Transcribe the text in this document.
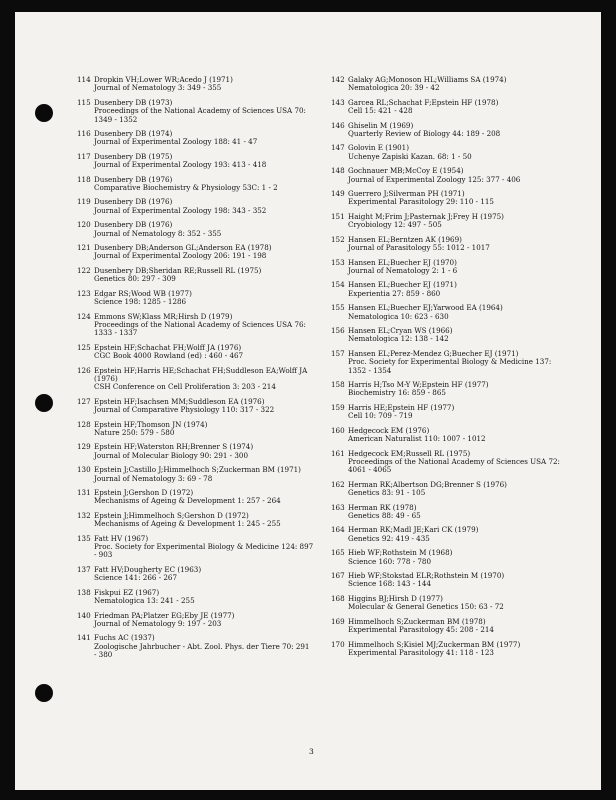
114 Dropkin VH;Lower WR;Acedo J (1971)
Journal of Nematology 3: 349 - 355
115 Dusenbery DB (1973)
Proceedings of the National Academy of Sciences USA 70:
1349 - 1352
116 Dusenbery DB (1974)
Journal of Experimental Zoology 188: 41 - 47
117 Dusenbery DB (1975)
Journal of Experimental Zoology 193: 413 - 418
118 Dusenbery DB (1976)
Comparative Biochemistry & Physiology 53C: 1 - 2
119 Dusenbery DB (1976)
Journal of Experimental Zoology 198: 343 - 352
120 Dusenbery DB (1976)
Journal of Nematology 8: 352 - 355
121 Dusenbery DB;Anderson GL;Anderson EA (1978)
Journal of Experimental Zoology 206: 191 - 198
122 Dusenbery DB;Sheridan RE;Russell RL (1975)
Genetics 80: 297 - 309
123 Edgar RS;Wood WB (1977)
Science 198: 1285 - 1286
124 Emmons SW;Klass MR;Hirsh D (1979)
Proceedings of the National Academy of Sciences USA 76:
1333 - 1337
125 Epstein HF;Schachat FH;Wolff JA (1976)
CGC Book 4000 Rowland (ed) : 460 - 467
126 Epstein HF;Harris HE;Schachat FH;Suddleson EA;Wolff JA
(1976)
CSH Conference on Cell Proliferation 3: 203 - 214
127 Epstein HF;Isachsen MM;Suddleson EA (1976)
Journal of Comparative Physiology 110: 317 - 322
128 Epstein HF;Thomson JN (1974)
Nature 250: 579 - 580
129 Epstein HF;Waterston RH;Brenner S (1974)
Journal of Molecular Biology 90: 291 - 300
130 Epstein J;Castillo J;Himmelhoch S;Zuckerman BM (1971)
Journal of Nematology 3: 69 - 78
131 Epstein J;Gershon D (1972)
Mechanisms of Ageing & Development 1: 257 - 264
132 Epstein J;Himmelhoch S;Gershon D (1972)
Mechanisms of Ageing & Development 1: 245 - 255
135 Fatt HV (1967)
Proc. Society for Experimental Biology & Medicine 124: 897
- 903
137 Fatt HV;Dougherty EC (1963)
Science 141: 266 - 267
138 Fiskpui EZ (1967)
Nematologica 13: 241 - 255
140 Friedman PA;Platzer EG;Eby JE (1977)
Journal of Nematology 9: 197 - 203
141 Fuchs AC (1937)
Zoologische Jahrbucher - Abt. Zool. Phys. der Tiere 70: 291
- 380
142 Galaky AG;Monoson HL;Williams SA (1974)
Nematologica 20: 39 - 42
143 Garcea RL;Schachat F;Epstein HF (1978)
Cell 15: 421 - 428
146 Ghiselin M (1969)
Quarterly Review of Biology 44: 189 - 208
147 Golovin E (1901)
Uchenye Zapiski Kazan. 68: 1 - 50
148 Gochnauer MB;McCoy E (1954)
Journal of Experimental Zoology 125: 377 - 406
149 Guerrero J;Silverman PH (1971)
Experimental Parasitology 29: 110 - 115
151 Haight M;Frim J;Pasternak J;Frey H (1975)
Cryobiology 12: 497 - 505
152 Hansen EL;Berntzen AK (1969)
Journal of Parasitology 55: 1012 - 1017
153 Hansen EL;Buecher EJ (1970)
Journal of Nematology 2: 1 - 6
154 Hansen EL;Buecher EJ (1971)
Experientia 27: 859 - 860
155 Hansen EL;Buecher EJ;Yarwood EA (1964)
Nematologica 10: 623 - 630
156 Hansen EL;Cryan WS (1966)
Nematologica 12: 138 - 142
157 Hansen EL;Perez-Mendez G;Buecher EJ (1971)
Proc. Society for Experimental Biology & Medicine 137:
1352 - 1354
158 Harris H;Tso M-Y W;Epstein HF (1977)
Biochemistry 16: 859 - 865
159 Harris HE;Epstein HF (1977)
Cell 10: 709 - 719
160 Hedgecock EM (1976)
American Naturalist 110: 1007 - 1012
161 Hedgecock EM;Russell RL (1975)
Proceedings of the National Academy of Sciences USA 72:
4061 - 4065
162 Herman RK;Albertson DG;Brenner S (1976)
Genetics 83: 91 - 105
163 Herman RK (1978)
Genetics 88: 49 - 65
164 Herman RK;Madl JE;Kari CK (1979)
Genetics 92: 419 - 435
165 Hieb WF;Rothstein M (1968)
Science 160: 778 - 780
167 Hieb WF;Stokstad ELR;Rothstein M (1970)
Science 168: 143 - 144
168 Higgins BJ;Hirsh D (1977)
Molecular & General Genetics 150: 63 - 72
169 Himmelhoch S;Zuckerman BM (1978)
Experimental Parasitology 45: 208 - 214
170 Himmelhoch S;Kisiel MJ;Zuckerman BM (1977)
Experimental Parasitology 41: 118 - 123
3
